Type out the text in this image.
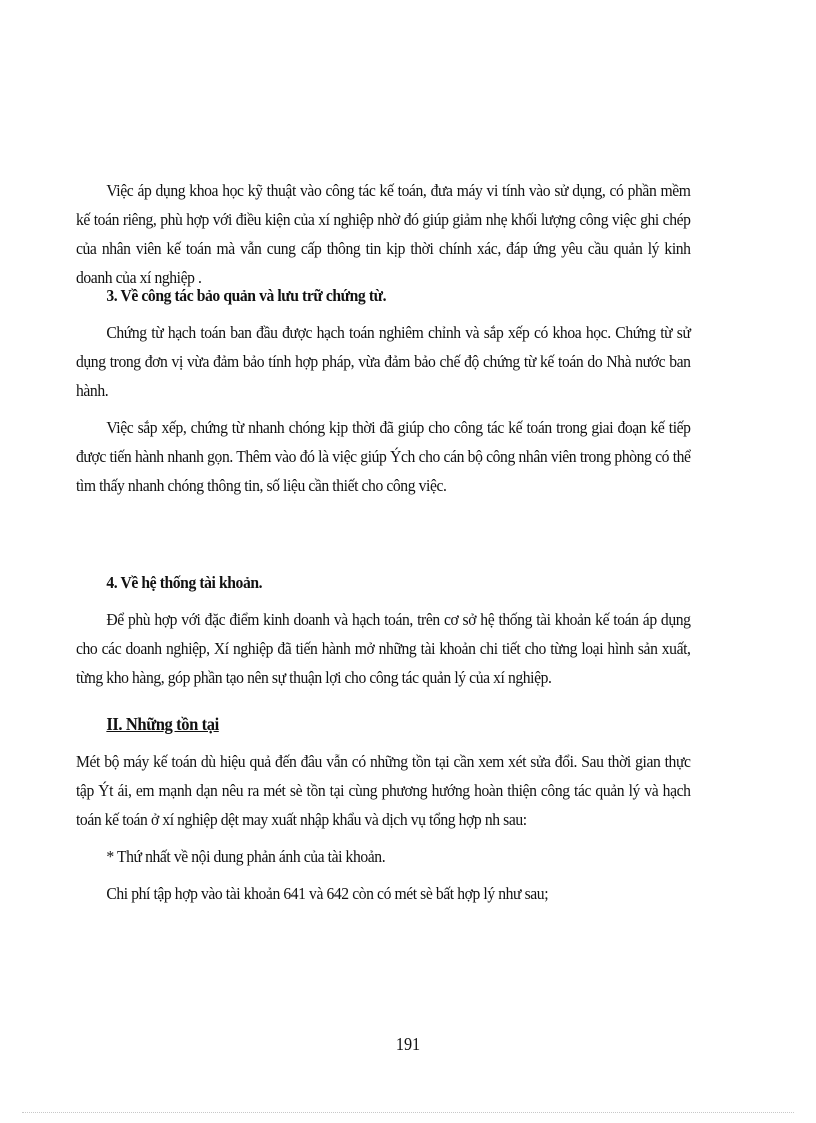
Việc áp dụng khoa học kỹ thuật vào công tác kế toán, đưa máy vi tính vào sử dụng, có phần mềm kế toán riêng, phù hợp với điều kiện của xí nghiệp nhờ đó giúp giảm nhẹ khối lượng công việc ghi chép của nhân viên kế toán mà vẫn cung cấp thông tin kịp thời chính xác, đáp ứng yêu cầu quản lý kinh doanh của xí nghiệp .

3. Về công tác bảo quản và lưu trữ chứng từ.

Chứng từ hạch toán ban đầu được hạch toán nghiêm chỉnh và sắp xếp có khoa học. Chứng từ sử dụng trong đơn vị vừa đảm bảo tính hợp pháp, vừa đảm bảo chế độ chứng từ kế toán do Nhà nước ban hành.

Việc sắp xếp, chứng từ nhanh chóng kịp thời đã giúp cho công tác kế toán trong giai đoạn kế tiếp được tiến hành nhanh gọn. Thêm vào đó là việc giúp Ých cho cán bộ công nhân viên trong phòng có thể tìm thấy nhanh chóng thông tin, số liệu cần thiết cho công việc.

4. Về hệ thống tài khoản.

Để phù hợp với đặc điểm kinh doanh và hạch toán, trên cơ sở hệ thống tài khoản kế toán áp dụng cho các doanh nghiệp, Xí nghiệp đã tiến hành mở những tài khoản chi tiết cho từng loại hình sản xuất, từng kho hàng, góp phần tạo nên sự thuận lợi cho công tác quản lý của xí nghiệp.

II. Những tồn tại

Mét bộ máy kế toán dù hiệu quả đến đâu vẫn có những tồn tại cần xem xét sửa đổi. Sau thời gian thực tập Ýt ái, em mạnh dạn nêu ra mét sè tồn tại cùng phương hướng hoàn thiện công tác quản lý và hạch toán kế toán ở xí nghiệp dệt may xuất nhập khẩu và dịch vụ tổng hợp nh sau:

* Thứ nhất về nội dung phản ánh của tài khoản.

Chi phí tập hợp vào tài khoản 641 và 642 còn có mét sè bất hợp lý như sau;

191
